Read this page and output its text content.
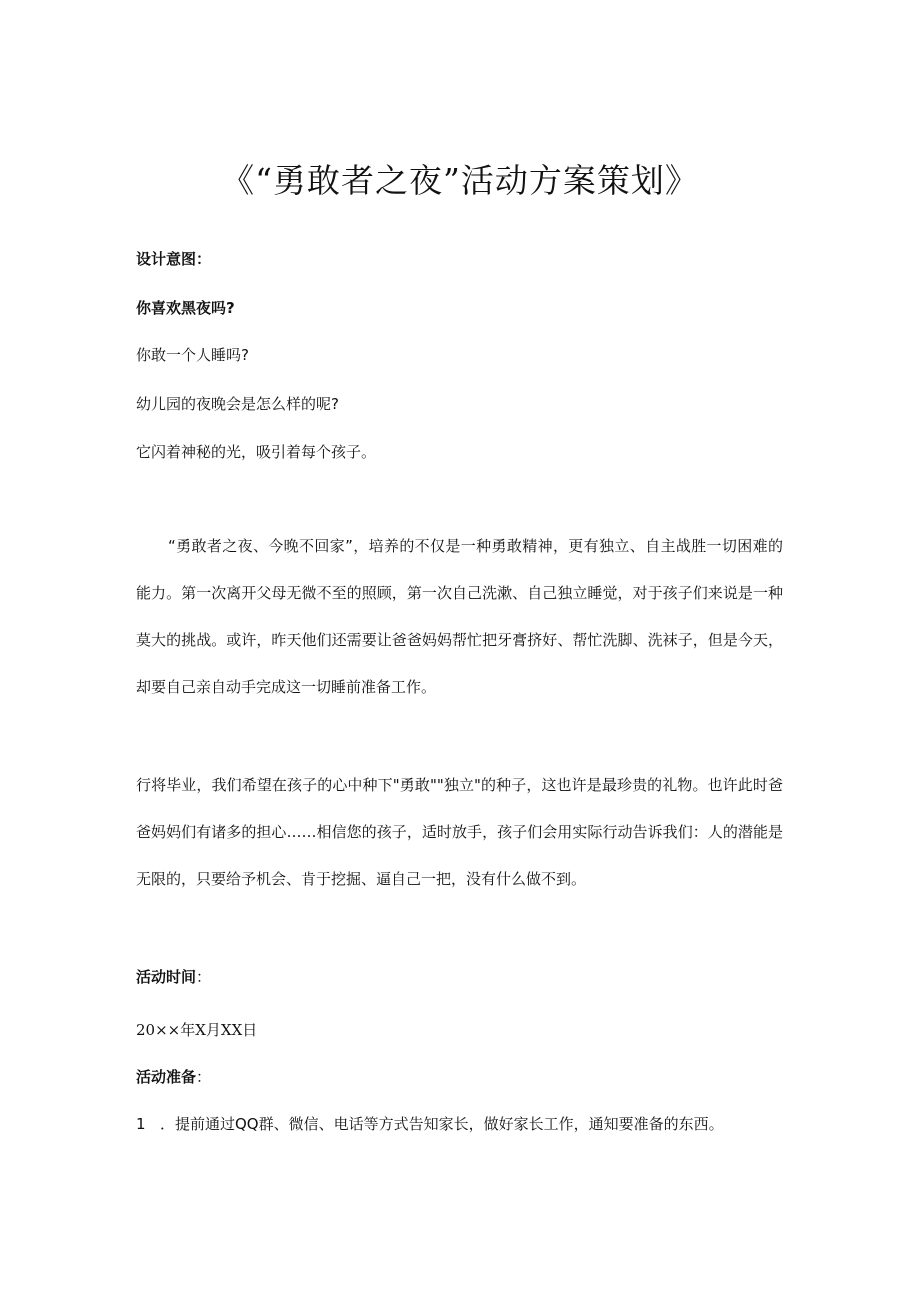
《“勇敢者之夜”活动方案策划》

设计意图：

你喜欢黑夜吗?

你敢一个人睡吗?

幼儿园的夜晚会是怎么样的呢?

它闪着神秘的光，吸引着每个孩子。

“勇敢者之夜、今晚不回家”，培养的不仅是一种勇敢精神，更有独立、自主战胜一切困难的能力。第一次离开父母无微不至的照顾，第一次自己洗漱、自己独立睡觉，对于孩子们来说是一种莫大的挑战。或许，昨天他们还需要让爸爸妈妈帮忙把牙膏挤好、帮忙洗脚、洗袜子，但是今天，却要自己亲自动手完成这一切睡前准备工作。

行将毕业，我们希望在孩子的心中种下"勇敢""独立"的种子，这也许是最珍贵的礼物。也许此时爸爸妈妈们有诸多的担心……相信您的孩子，适时放手，孩子们会用实际行动告诉我们：人的潜能是无限的，只要给予机会、肯于挖掘、逼自己一把，没有什么做不到。

活动时间：

20××年X月XX日

活动准备：

1 ．提前通过QQ群、微信、电话等方式告知家长，做好家长工作，通知要准备的东西。
